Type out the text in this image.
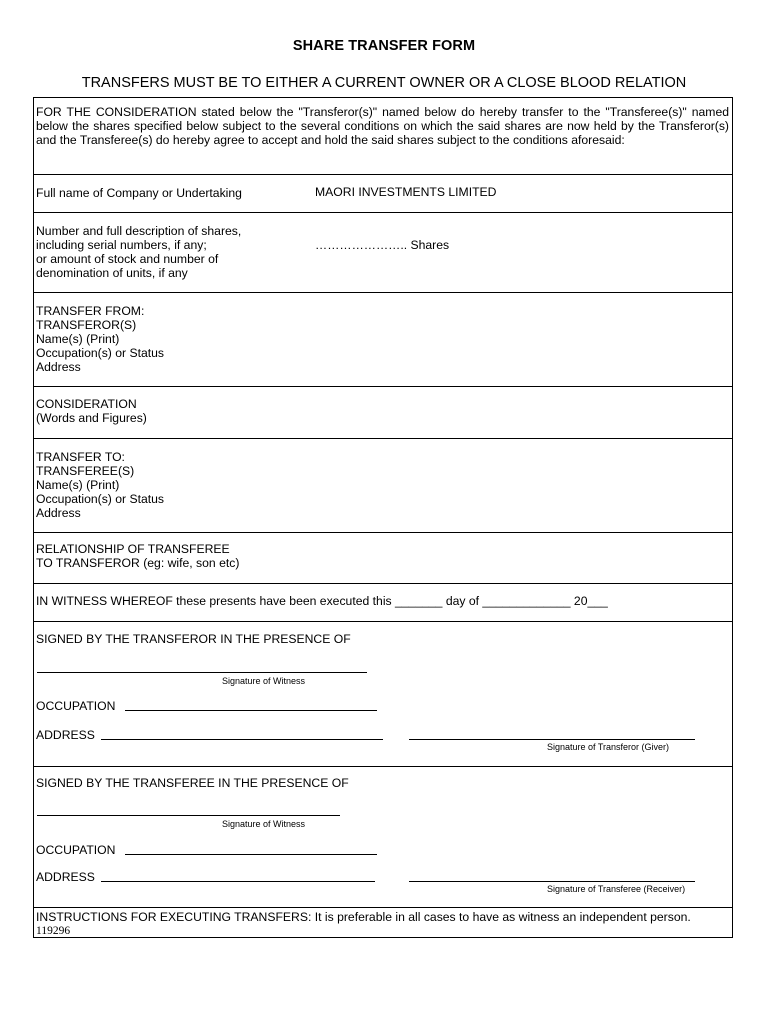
SHARE TRANSFER FORM
TRANSFERS MUST BE TO EITHER A CURRENT OWNER OR A CLOSE BLOOD RELATION
FOR THE CONSIDERATION stated below the "Transferor(s)" named below do hereby transfer to the "Transferee(s)" named below the shares specified below subject to the several conditions on which the said shares are now held by the Transferor(s) and the Transferee(s) do hereby agree to accept and hold the said shares subject to the conditions aforesaid:
Full name of Company or Undertaking	MAORI INVESTMENTS LIMITED
Number and full description of shares,
including serial numbers, if any;
or amount of stock and number of
denomination of units, if any
………………….. Shares
TRANSFER FROM:
TRANSFEROR(S)
Name(s) (Print)
Occupation(s) or Status
Address
CONSIDERATION
(Words and Figures)
TRANSFER TO:
TRANSFEREE(S)
Name(s) (Print)
Occupation(s) or Status
Address
RELATIONSHIP OF TRANSFEREE
TO TRANSFEROR (eg: wife, son etc)
IN WITNESS WHEREOF these presents have been executed this _______ day of _____________ 20___
SIGNED BY THE TRANSFEROR IN THE PRESENCE OF
Signature of Witness
OCCUPATION
ADDRESS
Signature of Transferor (Giver)
SIGNED BY THE TRANSFEREE IN THE PRESENCE OF
Signature of Witness
OCCUPATION
ADDRESS
Signature of Transferee (Receiver)
INSTRUCTIONS FOR EXECUTING TRANSFERS: It is preferable in all cases to have as witness an independent person.
119296
